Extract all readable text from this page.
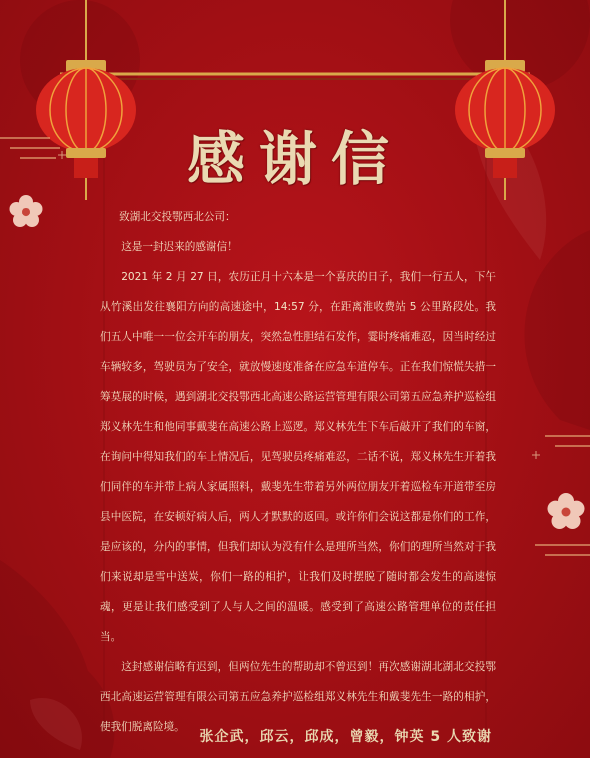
感谢信

致湖北交投鄂西北公司：

这是一封迟来的感谢信！

2021 年 2 月 27 日，农历正月十六本是一个喜庆的日子，我们一行五人，下午从竹溪出发往襄阳方向的高速途中，14:57 分，在距离淮收费站 5 公里路段处。我们五人中唯一一位会开车的朋友，突然急性胆结石发作，霎时疼痛难忍，因当时经过车辆较多，驾驶员为了安全，就放慢速度准备在应急车道停车。正在我们惊慌失措一筹莫展的时候，遇到湖北交投鄂西北高速公路运营管理有限公司第五应急养护巡检组郑义林先生和他同事戴斐在高速公路上巡逻。郑义林先生下车后敲开了我们的车窗，在询问中得知我们的车上情况后，见驾驶员疼痛难忍，二话不说，郑义林先生开着我们同伴的车并带上病人家属照料，戴斐先生带着另外两位朋友开着巡检车开道带至房县中医院，在安顿好病人后，两人才默默的返回。或许你们会说这都是你们的工作，是应该的，分内的事情，但我们却认为没有什么是理所当然，你们的理所当然对于我们来说却是雪中送炭，你们一路的相护，让我们及时摆脱了随时都会发生的高速惊魂，更是让我们感受到了人与人之间的温暖。感受到了高速公路管理单位的责任担当。

这封感谢信略有迟到，但两位先生的帮助却不曾迟到！再次感谢湖北湖北交投鄂西北高速运营管理有限公司第五应急养护巡检组郑义林先生和戴斐先生一路的相护，使我们脱离险境。

张企武，邱云，邱成，曾毅，钟英 5 人致谢
